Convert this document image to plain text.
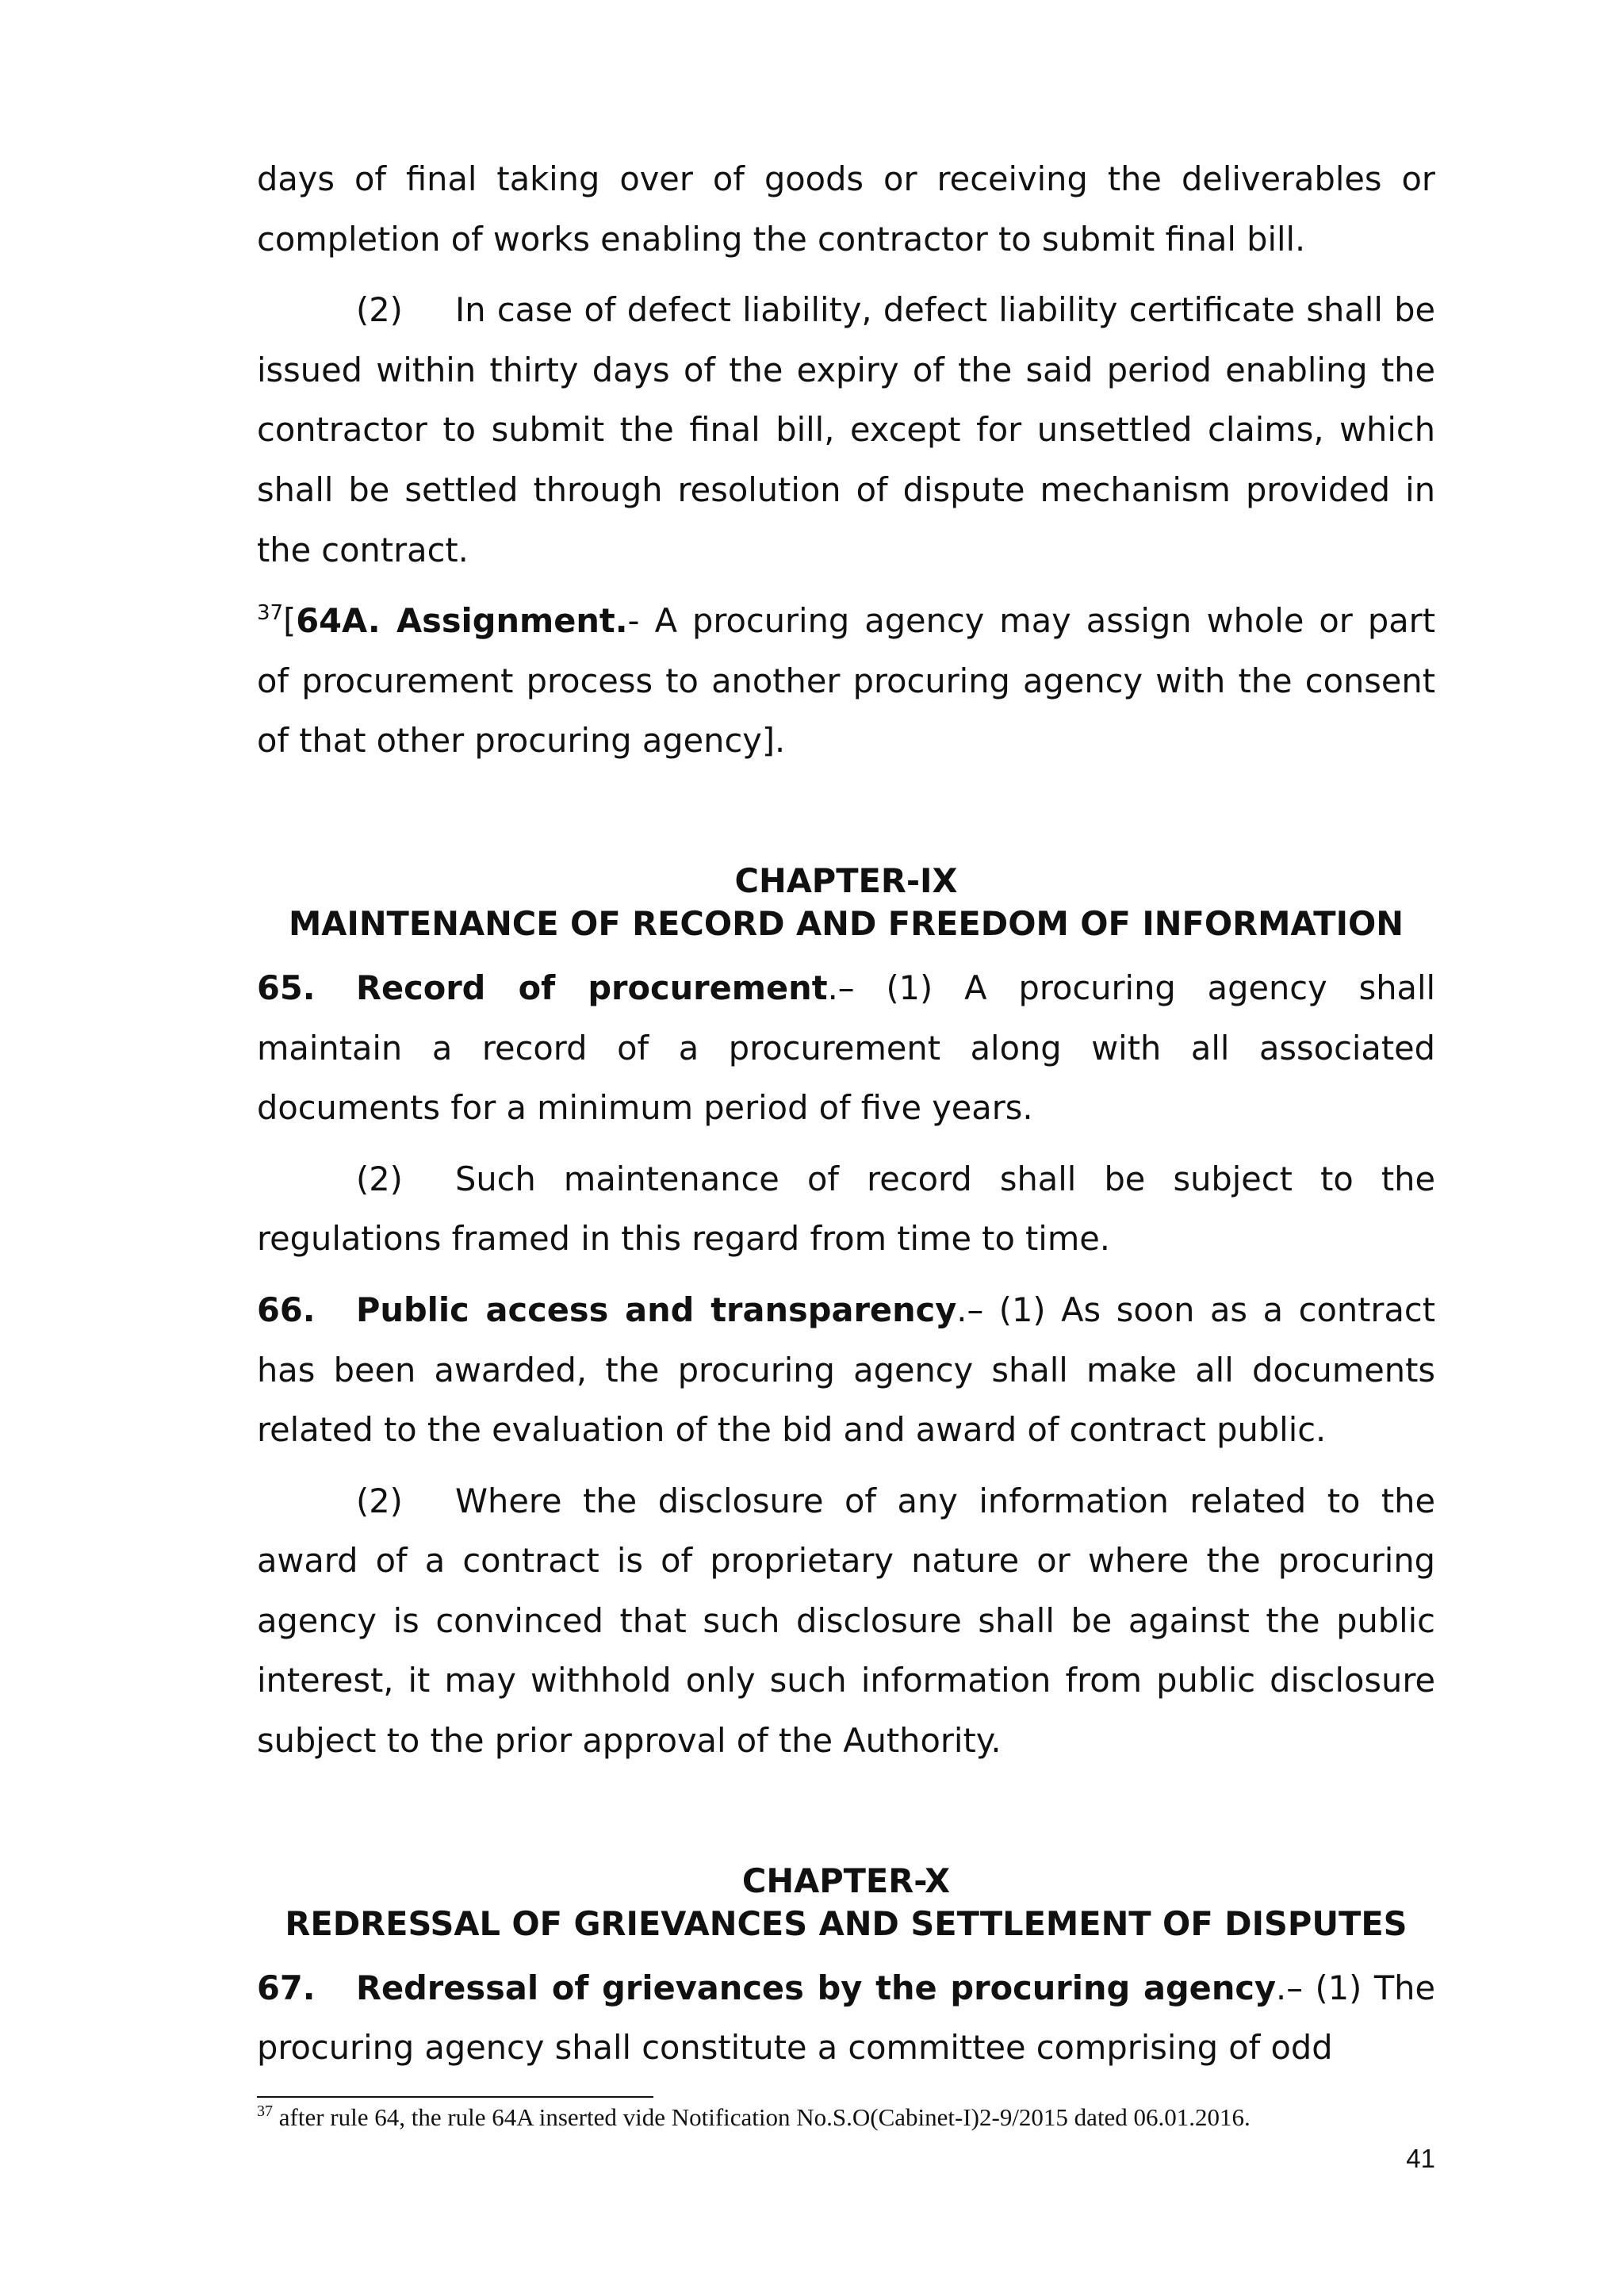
days of final taking over of goods or receiving the deliverables or completion of works enabling the contractor to submit final bill.

(2) In case of defect liability, defect liability certificate shall be issued within thirty days of the expiry of the said period enabling the contractor to submit the final bill, except for unsettled claims, which shall be settled through resolution of dispute mechanism provided in the contract.

$^{37}$[64A. Assignment.- A procuring agency may assign whole or part of procurement process to another procuring agency with the consent of that other procuring agency].

CHAPTER-IX
MAINTENANCE OF RECORD AND FREEDOM OF INFORMATION

65. Record of procurement.– (1) A procuring agency shall maintain a record of a procurement along with all associated documents for a minimum period of five years.

(2) Such maintenance of record shall be subject to the regulations framed in this regard from time to time.

66. Public access and transparency.– (1) As soon as a contract has been awarded, the procuring agency shall make all documents related to the evaluation of the bid and award of contract public.

(2) Where the disclosure of any information related to the award of a contract is of proprietary nature or where the procuring agency is convinced that such disclosure shall be against the public interest, it may withhold only such information from public disclosure subject to the prior approval of the Authority.

CHAPTER-X
REDRESSAL OF GRIEVANCES AND SETTLEMENT OF DISPUTES

67. Redressal of grievances by the procuring agency.– (1) The procuring agency shall constitute a committee comprising of odd

$^{37}$ after rule 64, the rule 64A inserted vide Notification No.S.O(Cabinet-I)2-9/2015 dated 06.01.2016.
41
